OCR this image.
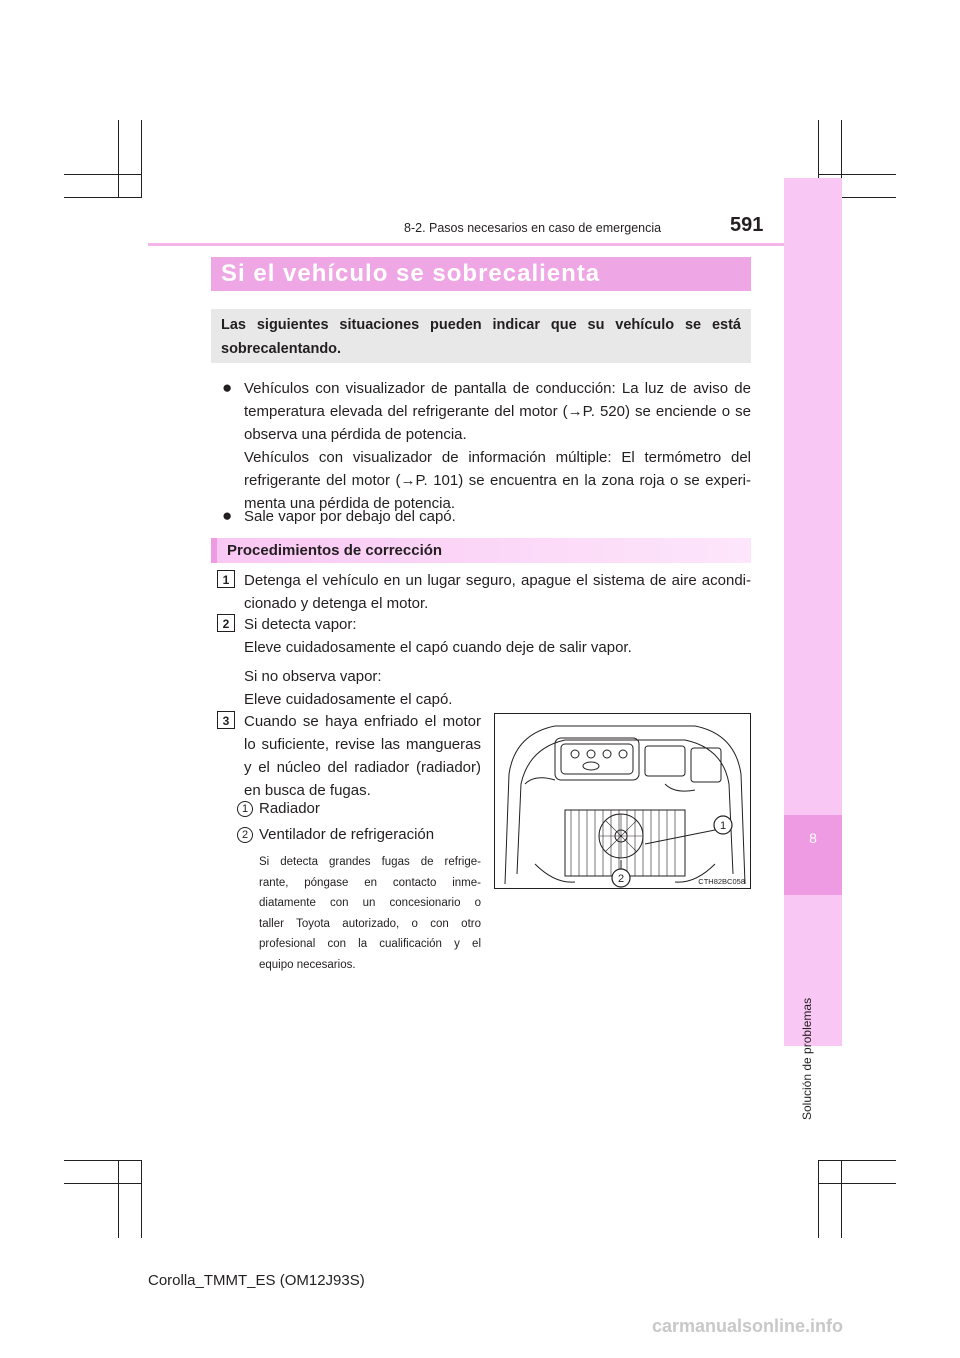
8
Solución de problemas
8-2. Pasos necesarios en caso de emergencia	591
Si el vehículo se sobrecalienta
Las siguientes situaciones pueden indicar que su vehículo se está
sobrecalentando.
● Vehículos con visualizador de pantalla de conducción: La luz de aviso de
temperatura elevada del refrigerante del motor (→P. 520) se enciende o se
observa una pérdida de potencia.
Vehículos con visualizador de información múltiple: El termómetro del
refrigerante del motor (→P. 101) se encuentra en la zona roja o se experi-
menta una pérdida de potencia.
● Sale vapor por debajo del capó.
Procedimientos de corrección
1 Detenga el vehículo en un lugar seguro, apague el sistema de aire acondi-
cionado y detenga el motor.
2 Si detecta vapor:
Eleve cuidadosamente el capó cuando deje de salir vapor.
Si no observa vapor:
Eleve cuidadosamente el capó.
3 Cuando se haya enfriado el motor
lo suficiente, revise las mangueras
y el núcleo del radiador (radiador)
en busca de fugas.
1 Radiador
2 Ventilador de refrigeración
Si detecta grandes fugas de refrige-
rante, póngase en contacto inme-
diatamente con un concesionario o
taller Toyota autorizado, o con otro
profesional con la cualificación y el
equipo necesarios.
1
2	CTH82BC058
Corolla_TMMT_ES (OM12J93S)
carmanualsonline.info
